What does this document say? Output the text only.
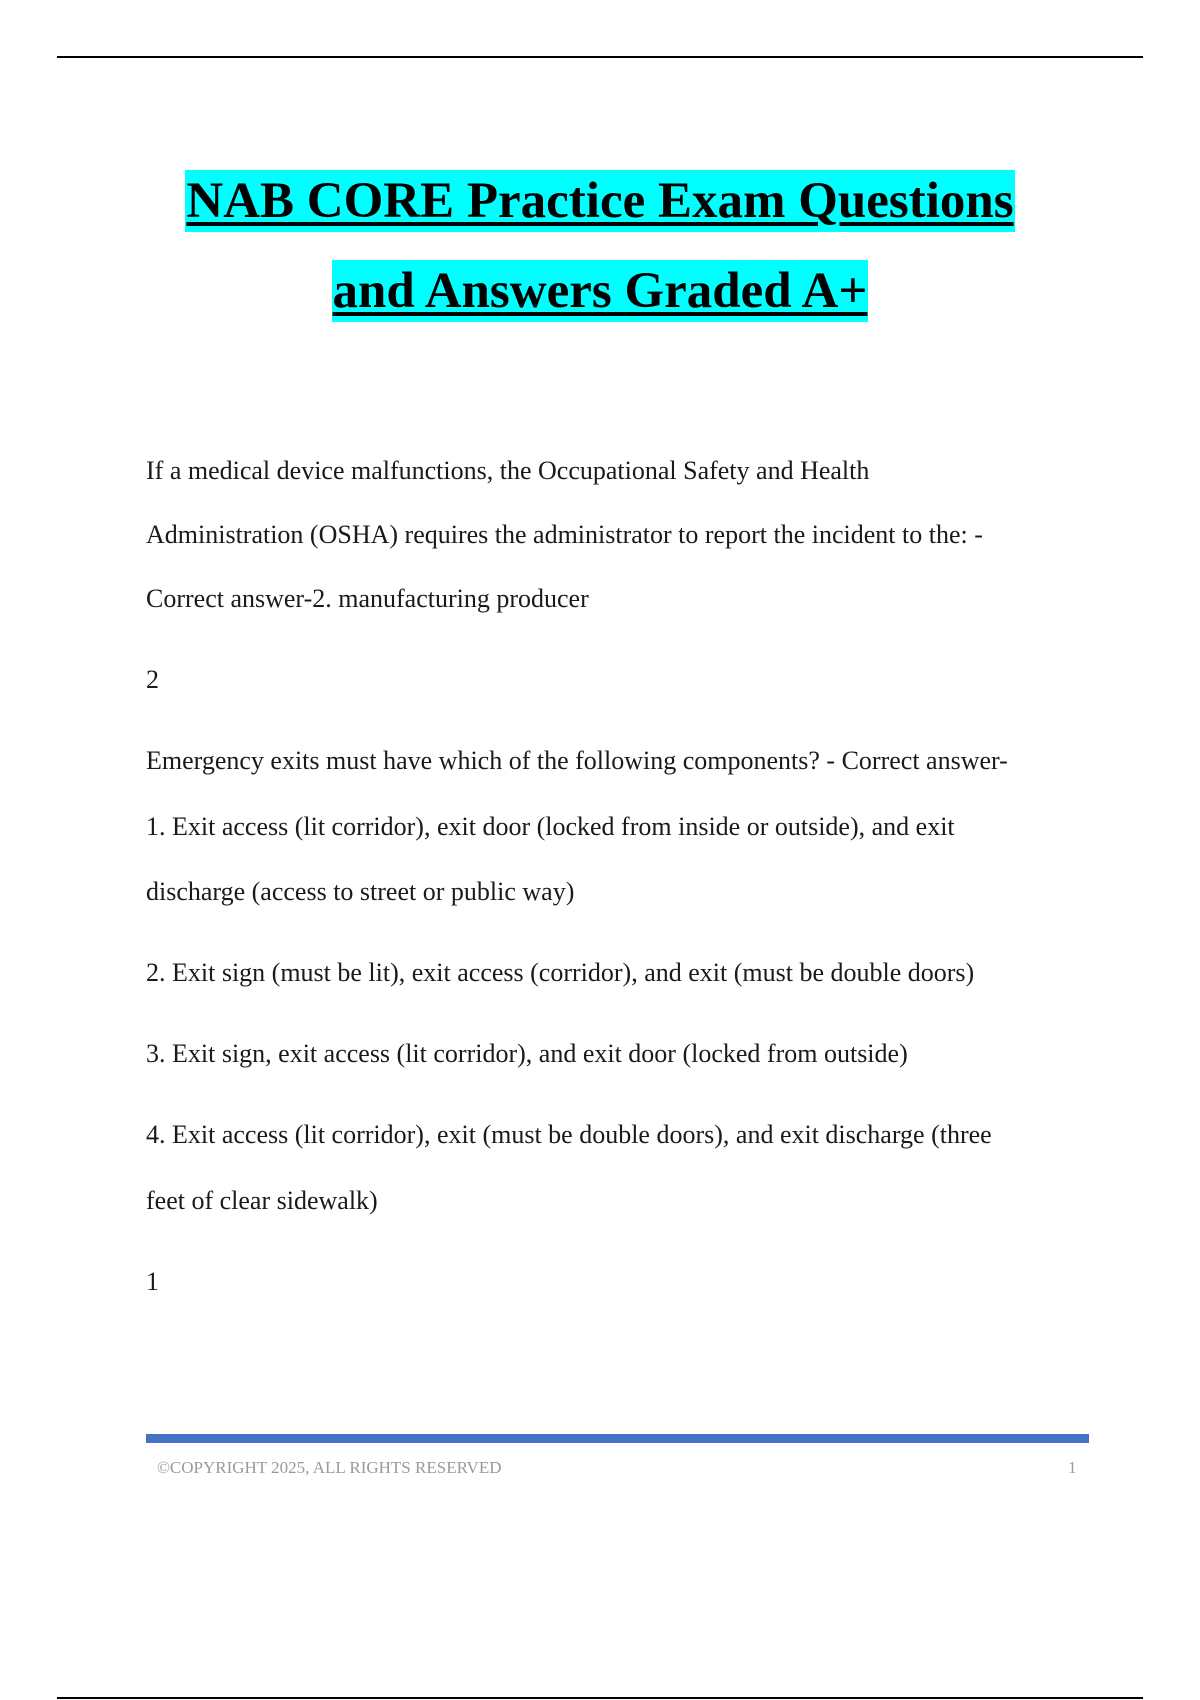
NAB CORE Practice Exam Questions
and Answers Graded A+
If a medical device malfunctions, the Occupational Safety and Health
Administration (OSHA) requires the administrator to report the incident to the: -
Correct answer-2. manufacturing producer
2
Emergency exits must have which of the following components? - Correct answer-
1. Exit access (lit corridor), exit door (locked from inside or outside), and exit
discharge (access to street or public way)
2. Exit sign (must be lit), exit access (corridor), and exit (must be double doors)
3. Exit sign, exit access (lit corridor), and exit door (locked from outside)
4. Exit access (lit corridor), exit (must be double doors), and exit discharge (three
feet of clear sidewalk)
1
©COPYRIGHT 2025, ALL RIGHTS RESERVED	1
